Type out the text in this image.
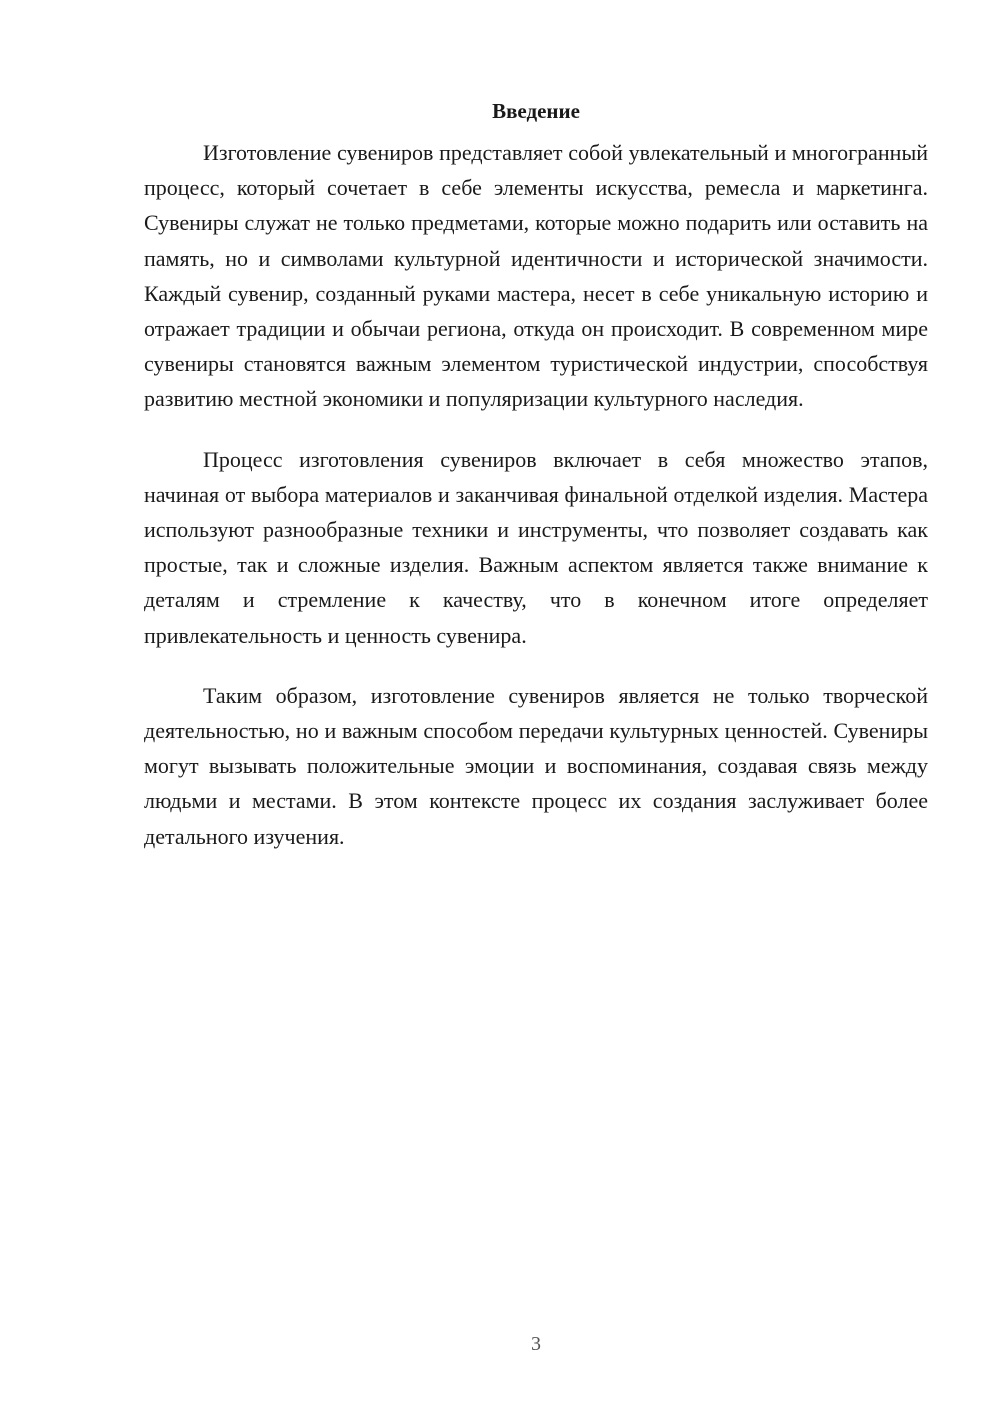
Введение

Изготовление сувениров представляет собой увлекательный и многогранный процесс, который сочетает в себе элементы искусства, ремесла и маркетинга. Сувениры служат не только предметами, которые можно подарить или оставить на память, но и символами культурной идентичности и исторической значимости. Каждый сувенир, созданный руками мастера, несет в себе уникальную историю и отражает традиции и обычаи региона, откуда он происходит. В современном мире сувениры становятся важным элементом туристической индустрии, способствуя развитию местной экономики и популяризации культурного наследия.

Процесс изготовления сувениров включает в себя множество этапов, начиная от выбора материалов и заканчивая финальной отделкой изделия. Мастера используют разнообразные техники и инструменты, что позволяет создавать как простые, так и сложные изделия. Важным аспектом является также внимание к деталям и стремление к качеству, что в конечном итоге определяет привлекательность и ценность сувенира.

Таким образом, изготовление сувениров является не только творческой деятельностью, но и важным способом передачи культурных ценностей. Сувениры могут вызывать положительные эмоции и воспоминания, создавая связь между людьми и местами. В этом контексте процесс их создания заслуживает более детального изучения.

3
